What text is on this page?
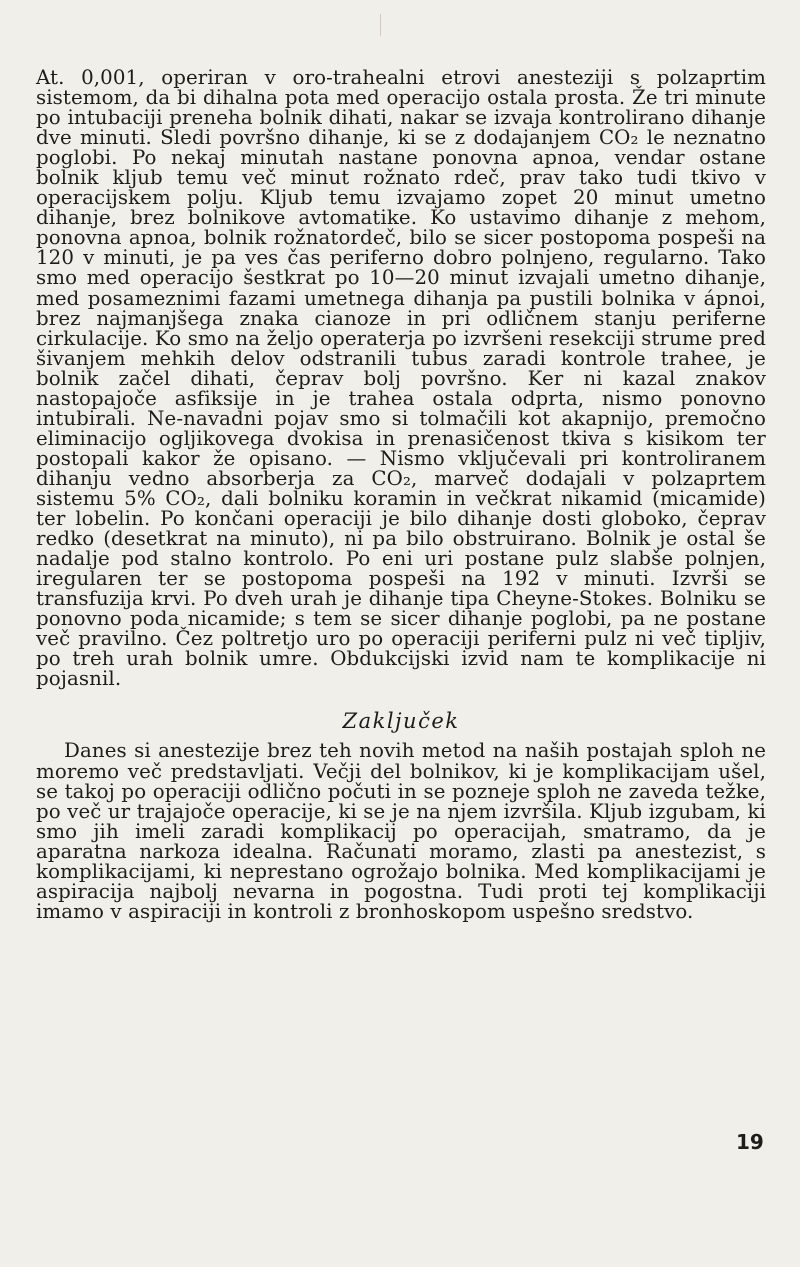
At. 0,001, operiran v oro-trahealni etrovi anesteziji s polzaprtim sistemom, da bi dihalna pota med operacijo ostala prosta. Že tri minute po intubaciji preneha bolnik dihati, nakar se izvaja kontrolirano dihanje dve minuti. Sledi površno dihanje, ki se z dodajanjem CO₂ le neznatno poglobi. Po nekaj minutah nastane ponovna apnoa, vendar ostane bolnik kljub temu več minut rožnato rdeč, prav tako tudi tkivo v operacijskem polju. Kljub temu izvajamo zopet 20 minut umetno dihanje, brez bolnikove avtomatike. Ko ustavimo dihanje z mehom, ponovna apnoa, bolnik rožnatordeč, bilo se sicer postopoma pospeši na 120 v minuti, je pa ves čas periferno dobro polnjeno, regularno. Tako smo med operacijo šestkrat po 10—20 minut izvajali umetno dihanje, med posameznimi fazami umetnega dihanja pa pustili bolnika v ápnoi, brez najmanjšega znaka cianoze in pri odličnem stanju periferne cirkulacije. Ko smo na željo operaterja po izvršeni resekciji strume pred šivanjem mehkih delov odstranili tubus zaradi kontrole trahee, je bolnik začel dihati, čeprav bolj površno. Ker ni kazal znakov nastopajoče asfiksije in je trahea ostala odprta, nismo ponovno intubirali. Ne-navadni pojav smo si tolmačili kot akapnijo, premočno eliminacijo ogljikovega dvokisa in prenasičenost tkiva s kisikom ter postopali kakor že opisano. — Nismo vključevali pri kontroliranem dihanju vedno absorberja za CO₂, marveč dodajali v polzaprtem sistemu 5% CO₂, dali bolniku koramin in večkrat nikamid (micamide) ter lobelin. Po končani operaciji je bilo dihanje dosti globoko, čeprav redko (desetkrat na minuto), ni pa bilo obstruirano. Bolnik je ostal še nadalje pod stalno kontrolo. Po eni uri postane pulz slabše polnjen, iregularen ter se postopoma pospeši na 192 v minuti. Izvrši se transfuzija krvi. Po dveh urah je dihanje tipa Cheyne-Stokes. Bolniku se ponovno poda nicamide; s tem se sicer dihanje poglobi, pa ne postane več pravilno. Čez poltretjo uro po operaciji periferni pulz ni več tipljiv, po treh urah bolnik umre. Obdukcijski izvid nam te komplikacije ni pojasnil.

Zaključek

Danes si anestezije brez teh novih metod na naših postajah sploh ne moremo več predstavljati. Večji del bolnikov, ki je komplikacijam ušel, se takoj po operaciji odlično počuti in se pozneje sploh ne zaveda težke, po več ur trajajoče operacije, ki se je na njem izvršila. Kljub izgubam, ki smo jih imeli zaradi komplikacij po operacijah, smatramo, da je aparatna narkoza idealna. Računati moramo, zlasti pa anestezist, s komplikacijami, ki neprestano ogrožajo bolnika. Med komplikacijami je aspiracija najbolj nevarna in pogostna. Tudi proti tej komplikaciji imamo v aspiraciji in kontroli z bronhoskopom uspešno sredstvo.

19
